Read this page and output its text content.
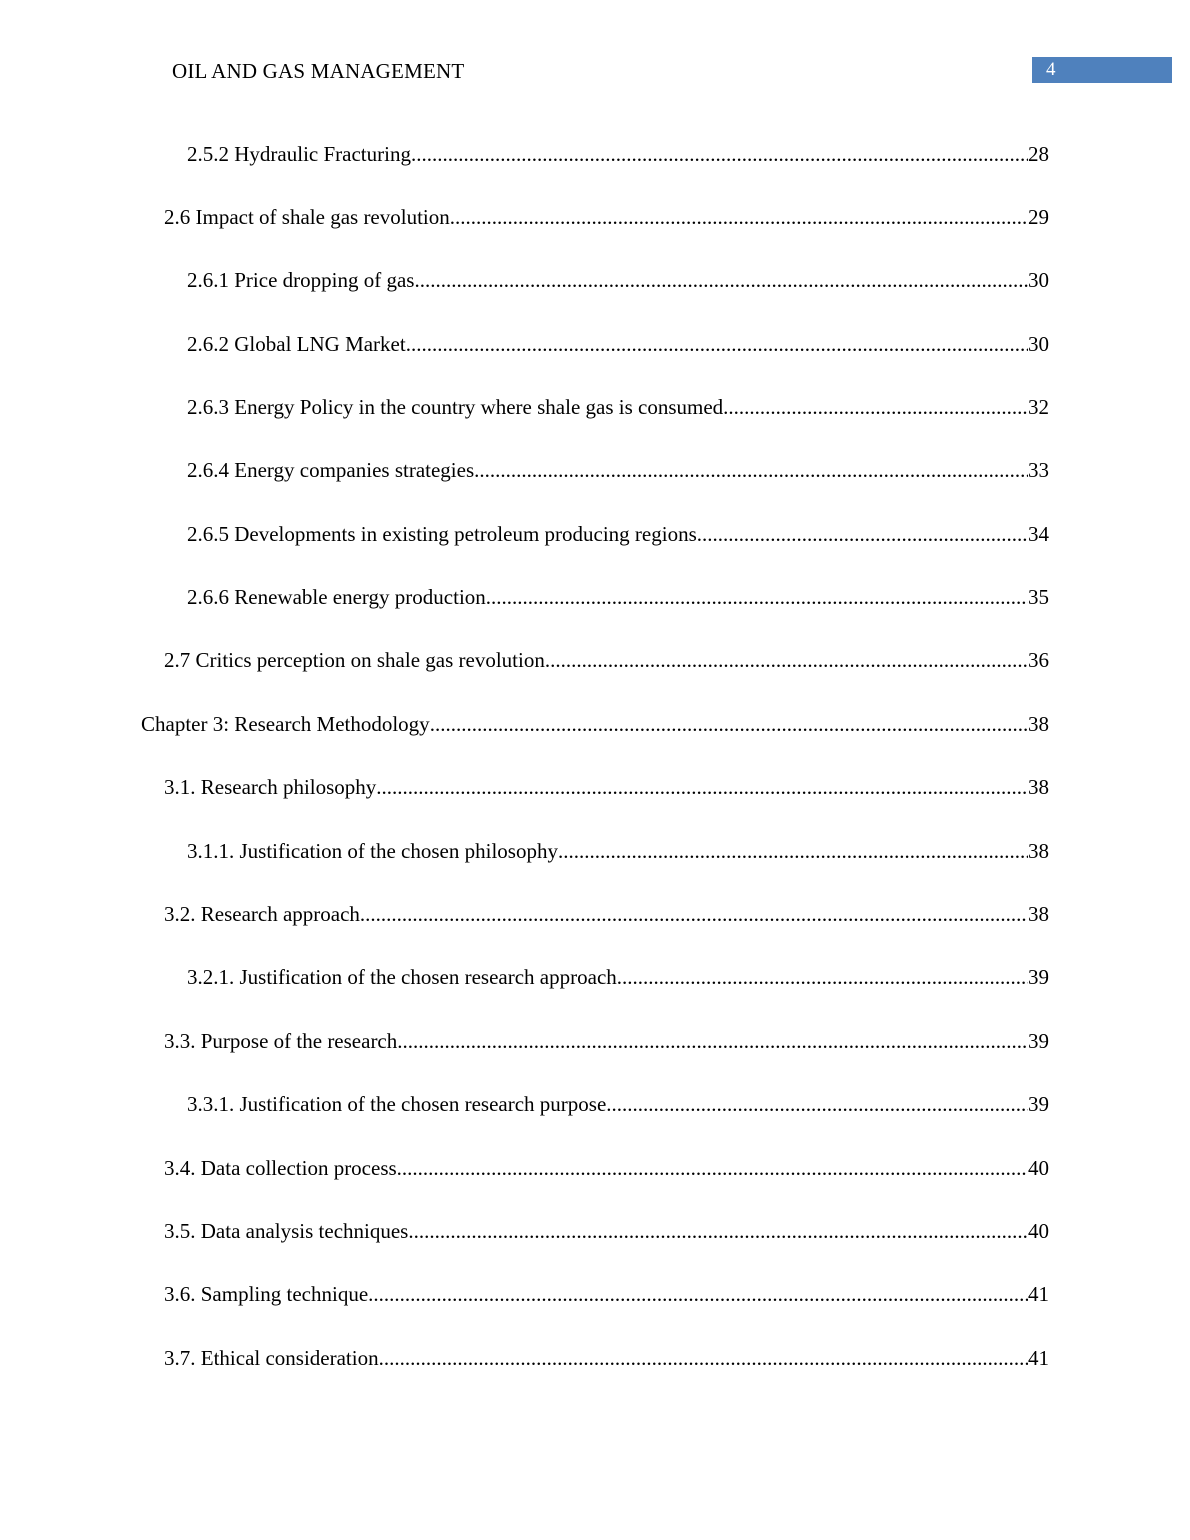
OIL AND GAS MANAGEMENT	4
2.5.2 Hydraulic Fracturing .....	28
2.6 Impact of shale gas revolution .....	29
2.6.1 Price dropping of gas .....	30
2.6.2 Global LNG Market .....	30
2.6.3 Energy Policy in the country where shale gas is consumed .....	32
2.6.4 Energy companies strategies .....	33
2.6.5 Developments in existing petroleum producing regions .....	34
2.6.6 Renewable energy production .....	35
2.7 Critics perception on shale gas revolution .....	36
Chapter 3: Research Methodology .....	38
3.1. Research philosophy .....	38
3.1.1. Justification of the chosen philosophy .....	38
3.2. Research approach .....	38
3.2.1. Justification of the chosen research approach .....	39
3.3. Purpose of the research .....	39
3.3.1. Justification of the chosen research purpose .....	39
3.4. Data collection process .....	40
3.5. Data analysis techniques .....	40
3.6. Sampling technique .....	41
3.7. Ethical consideration .....	41
